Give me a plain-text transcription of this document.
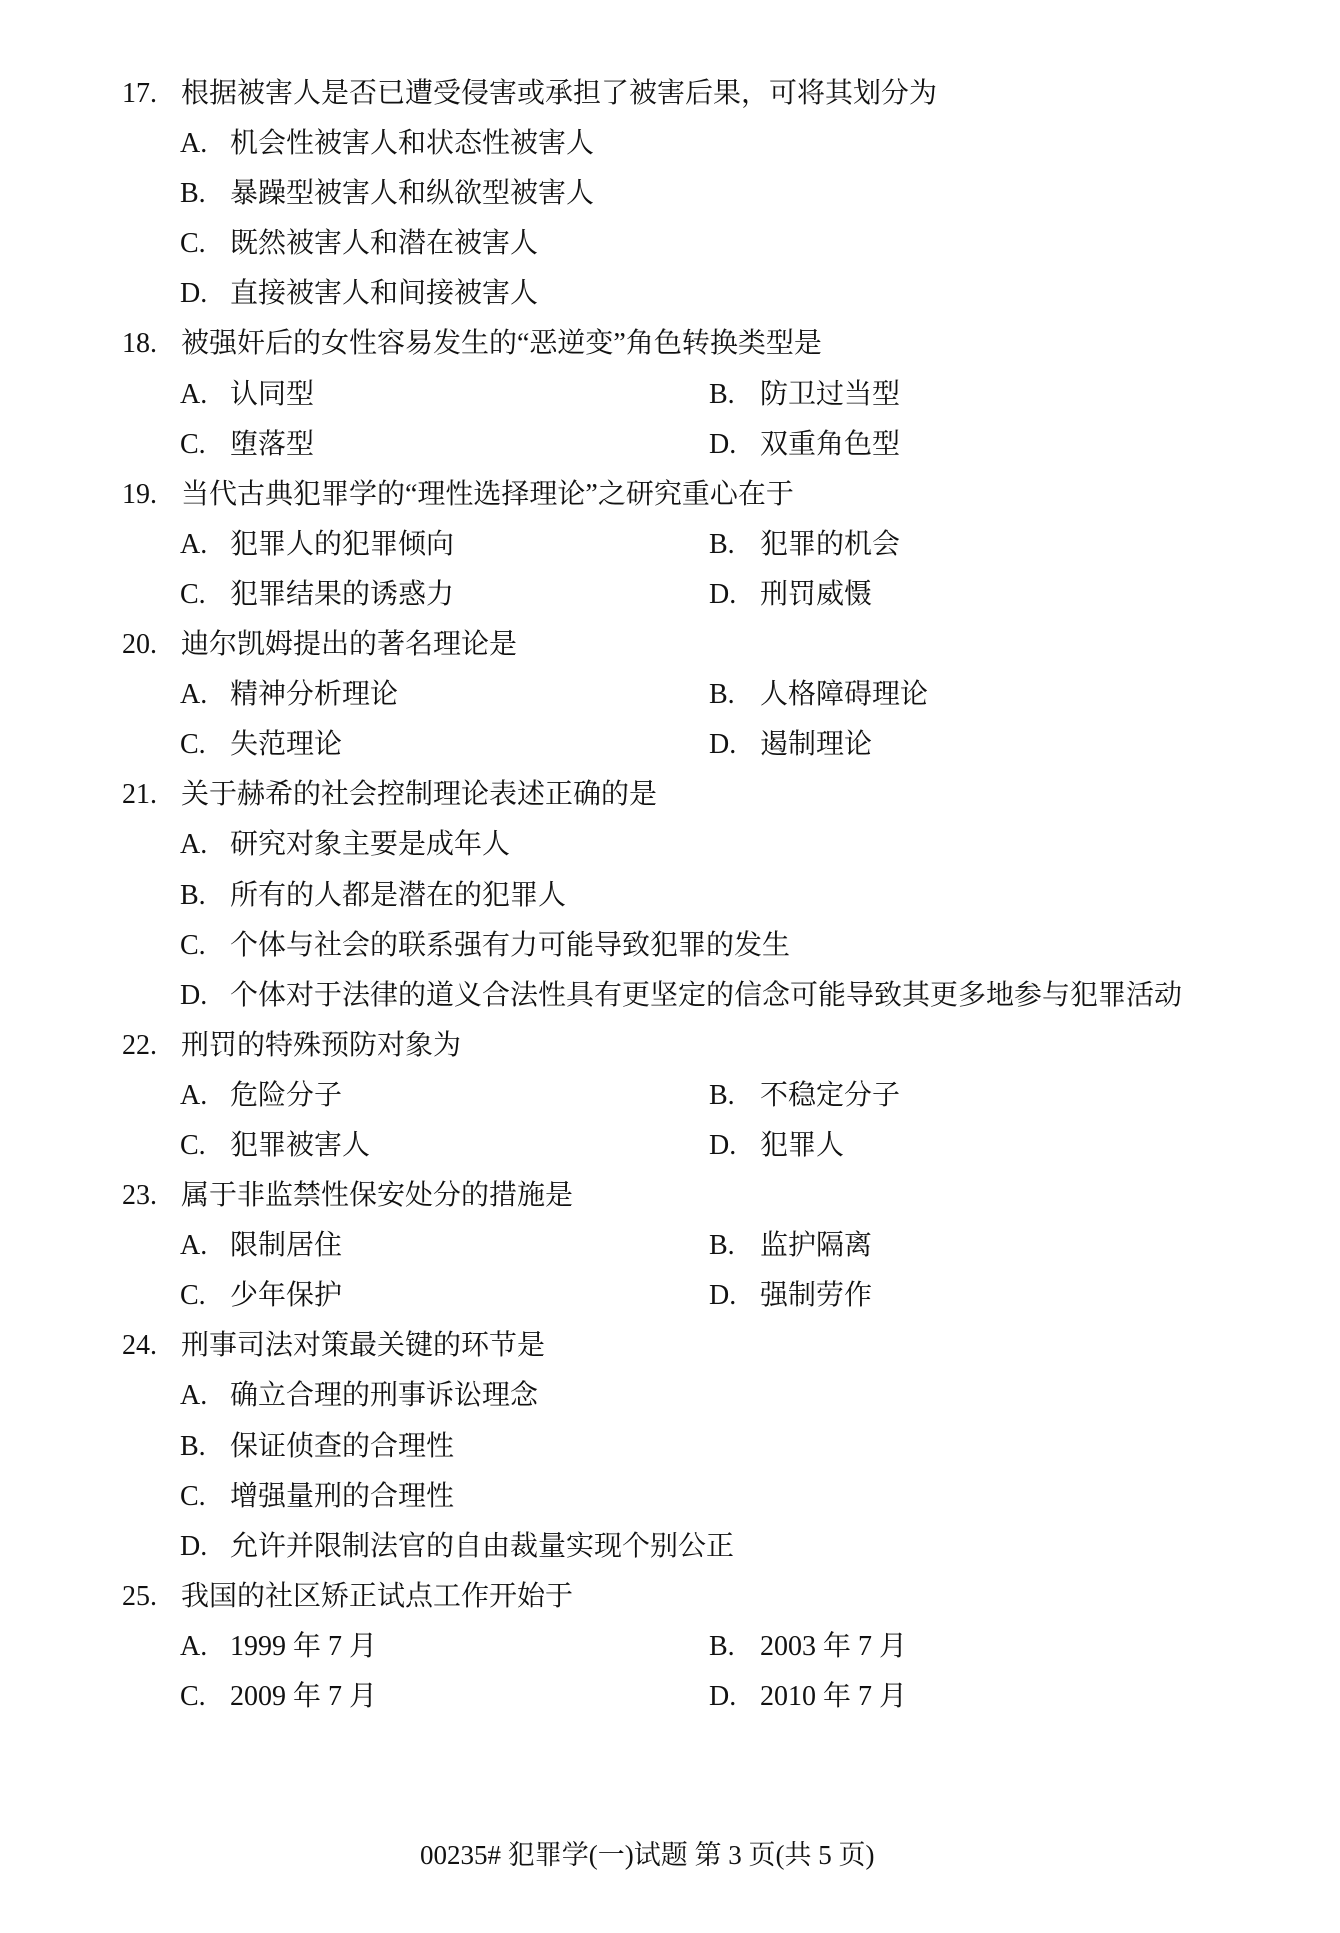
17. 根据被害人是否已遭受侵害或承担了被害后果，可将其划分为
A. 机会性被害人和状态性被害人
B. 暴躁型被害人和纵欲型被害人
C. 既然被害人和潜在被害人
D. 直接被害人和间接被害人
18. 被强奸后的女性容易发生的“恶逆变”角色转换类型是
A. 认同型	B. 防卫过当型
C. 堕落型	D. 双重角色型
19. 当代古典犯罪学的“理性选择理论”之研究重心在于
A. 犯罪人的犯罪倾向	B. 犯罪的机会
C. 犯罪结果的诱惑力	D. 刑罚威慑
20. 迪尔凯姆提出的著名理论是
A. 精神分析理论	B. 人格障碍理论
C. 失范理论	D. 遏制理论
21. 关于赫希的社会控制理论表述正确的是
A. 研究对象主要是成年人
B. 所有的人都是潜在的犯罪人
C. 个体与社会的联系强有力可能导致犯罪的发生
D. 个体对于法律的道义合法性具有更坚定的信念可能导致其更多地参与犯罪活动
22. 刑罚的特殊预防对象为
A. 危险分子	B. 不稳定分子
C. 犯罪被害人	D. 犯罪人
23. 属于非监禁性保安处分的措施是
A. 限制居住	B. 监护隔离
C. 少年保护	D. 强制劳作
24. 刑事司法对策最关键的环节是
A. 确立合理的刑事诉讼理念
B. 保证侦查的合理性
C. 增强量刑的合理性
D. 允许并限制法官的自由裁量实现个别公正
25. 我国的社区矫正试点工作开始于
A. 1999 年 7 月	B. 2003 年 7 月
C. 2009 年 7 月	D. 2010 年 7 月
00235# 犯罪学(一)试题 第 3 页(共 5 页)
